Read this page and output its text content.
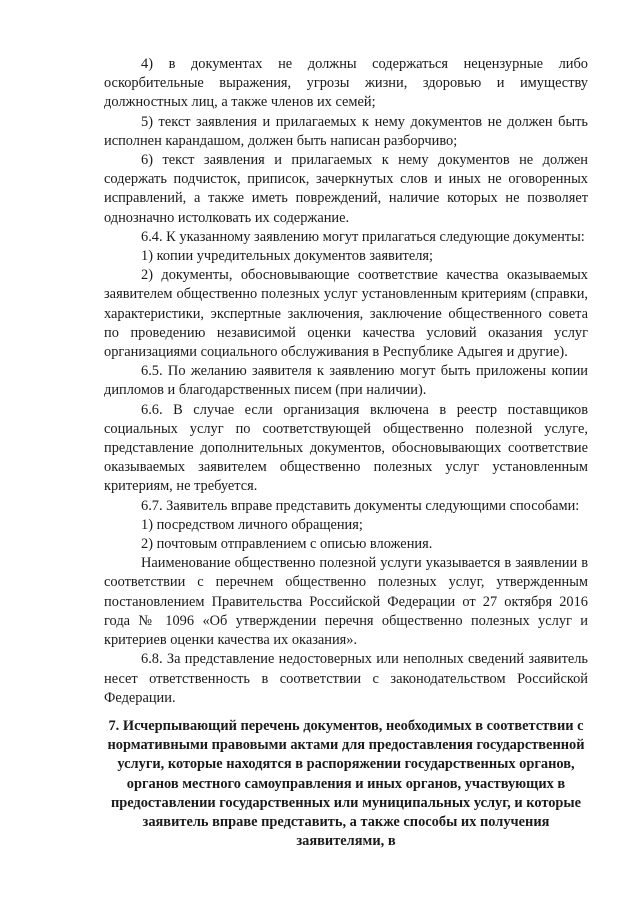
4) в документах не должны содержаться нецензурные либо оскорбительные выражения, угрозы жизни, здоровью и имуществу должностных лиц, а также членов их семей;

5) текст заявления и прилагаемых к нему документов не должен быть исполнен карандашом, должен быть написан разборчиво;

6) текст заявления и прилагаемых к нему документов не должен содержать подчисток, приписок, зачеркнутых слов и иных не оговоренных исправлений, а также иметь повреждений, наличие которых не позволяет однозначно истолковать их содержание.

6.4. К указанному заявлению могут прилагаться следующие документы:

1) копии учредительных документов заявителя;

2) документы, обосновывающие соответствие качества оказываемых заявителем общественно полезных услуг установленным критериям (справки, характеристики, экспертные заключения, заключение общественного совета по проведению независимой оценки качества условий оказания услуг организациями социального обслуживания в Республике Адыгея и другие).

6.5. По желанию заявителя к заявлению могут быть приложены копии дипломов и благодарственных писем (при наличии).

6.6. В случае если организация включена в реестр поставщиков социальных услуг по соответствующей общественно полезной услуге, представление дополнительных документов, обосновывающих соответствие оказываемых заявителем общественно полезных услуг установленным критериям, не требуется.

6.7. Заявитель вправе представить документы следующими способами:

1) посредством личного обращения;

2) почтовым отправлением с описью вложения.

Наименование общественно полезной услуги указывается в заявлении в соответствии с перечнем общественно полезных услуг, утвержденным постановлением Правительства Российской Федерации от 27 октября 2016 года № 1096 «Об утверждении перечня общественно полезных услуг и критериев оценки качества их оказания».

6.8. За представление недостоверных или неполных сведений заявитель несет ответственность в соответствии с законодательством Российской Федерации.

7. Исчерпывающий перечень документов, необходимых в соответствии с нормативными правовыми актами для предоставления государственной услуги, которые находятся в распоряжении государственных органов, органов местного самоуправления и иных органов, участвующих в предоставлении государственных или муниципальных услуг, и которые заявитель вправе представить, а также способы их получения заявителями, в
